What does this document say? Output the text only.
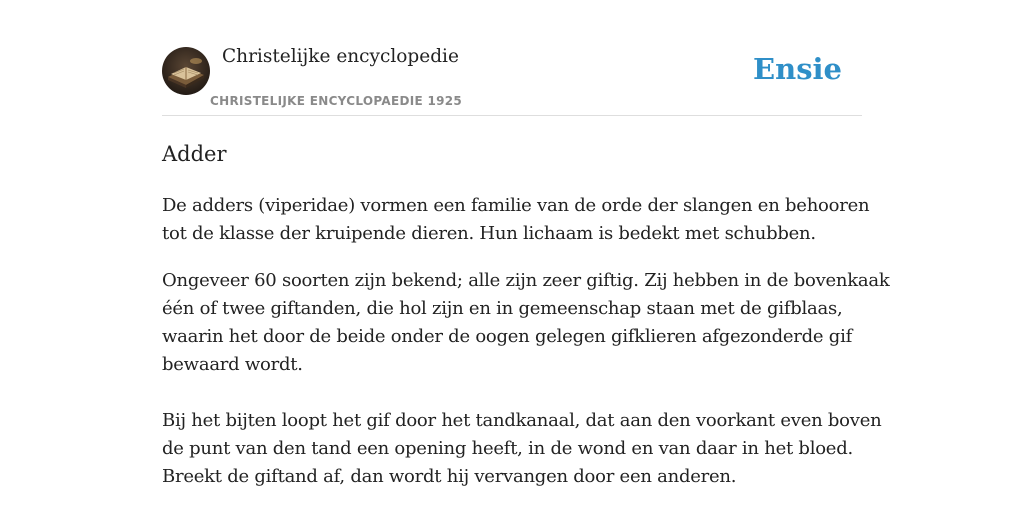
Christelijke encyclopedie
CHRISTELIJKE ENCYCLOPAEDIE 1925
Ensie
Adder
De adders (viperidae) vormen een familie van de orde der slangen en behooren
tot de klasse der kruipende dieren. Hun lichaam is bedekt met schubben.
Ongeveer 60 soorten zijn bekend; alle zijn zeer giftig. Zij hebben in de bovenkaak
één of twee giftanden, die hol zijn en in gemeenschap staan met de gifblaas,
waarin het door de beide onder de oogen gelegen gifklieren afgezonderde gif
bewaard wordt.
Bij het bijten loopt het gif door het tandkanaal, dat aan den voorkant even boven
de punt van den tand een opening heeft, in de wond en van daar in het bloed.
Breekt de giftand af, dan wordt hij vervangen door een anderen.
